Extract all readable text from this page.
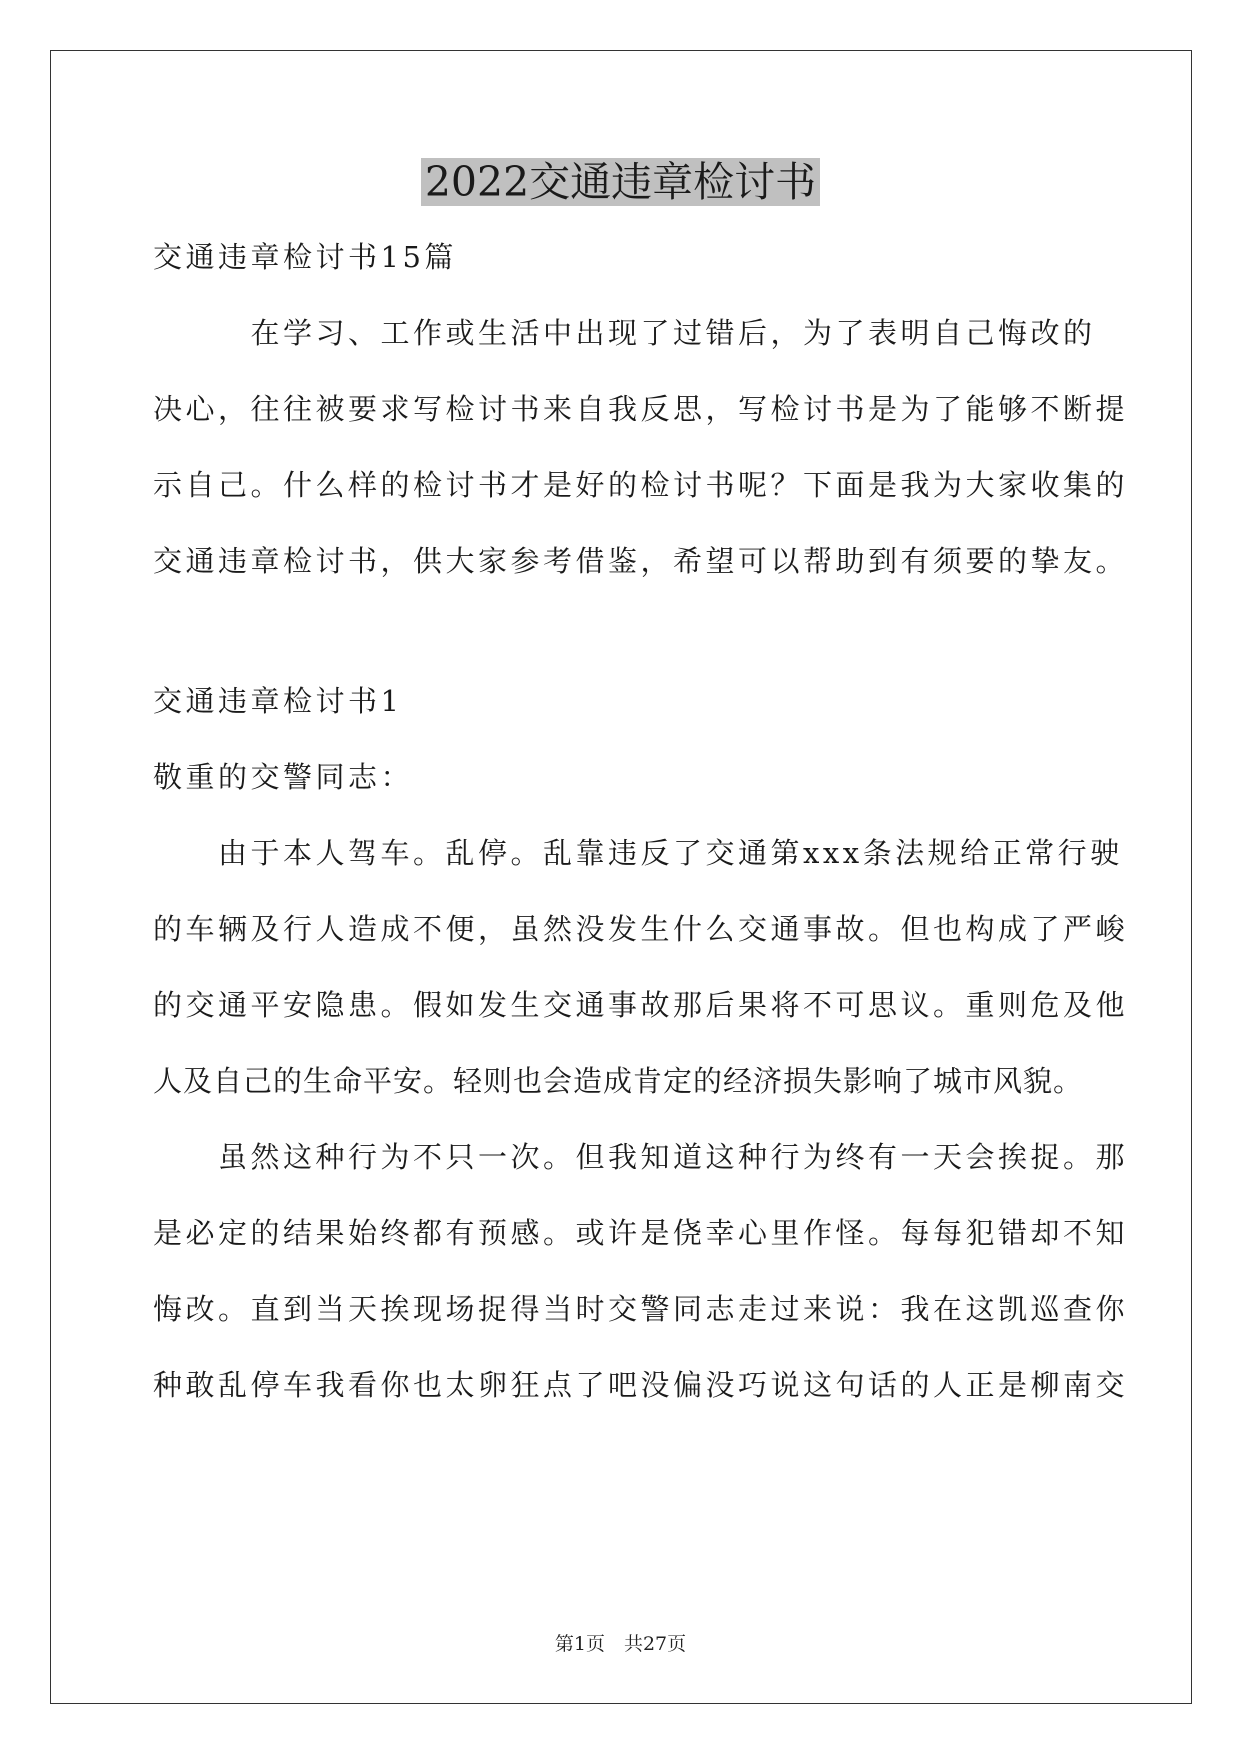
2022交通违章检讨书
交通违章检讨书15篇
　　　在学习、工作或生活中出现了过错后，为了表明自己悔改的
决心，往往被要求写检讨书来自我反思，写检讨书是为了能够不断提
示自己。什么样的检讨书才是好的检讨书呢？下面是我为大家收集的
交通违章检讨书，供大家参考借鉴，希望可以帮助到有须要的挚友。
交通违章检讨书1
敬重的交警同志：
　　由于本人驾车。乱停。乱靠违反了交通第xxx条法规给正常行驶
的车辆及行人造成不便，虽然没发生什么交通事故。但也构成了严峻
的交通平安隐患。假如发生交通事故那后果将不可思议。重则危及他
人及自己的生命平安。轻则也会造成肯定的经济损失影响了城市风貌。
　　虽然这种行为不只一次。但我知道这种行为终有一天会挨捉。那
是必定的结果始终都有预感。或许是侥幸心里作怪。每每犯错却不知
悔改。直到当天挨现场捉得当时交警同志走过来说：我在这凯巡查你
种敢乱停车我看你也太卵狂点了吧没偏没巧说这句话的人正是柳南交
第1页　共27页
